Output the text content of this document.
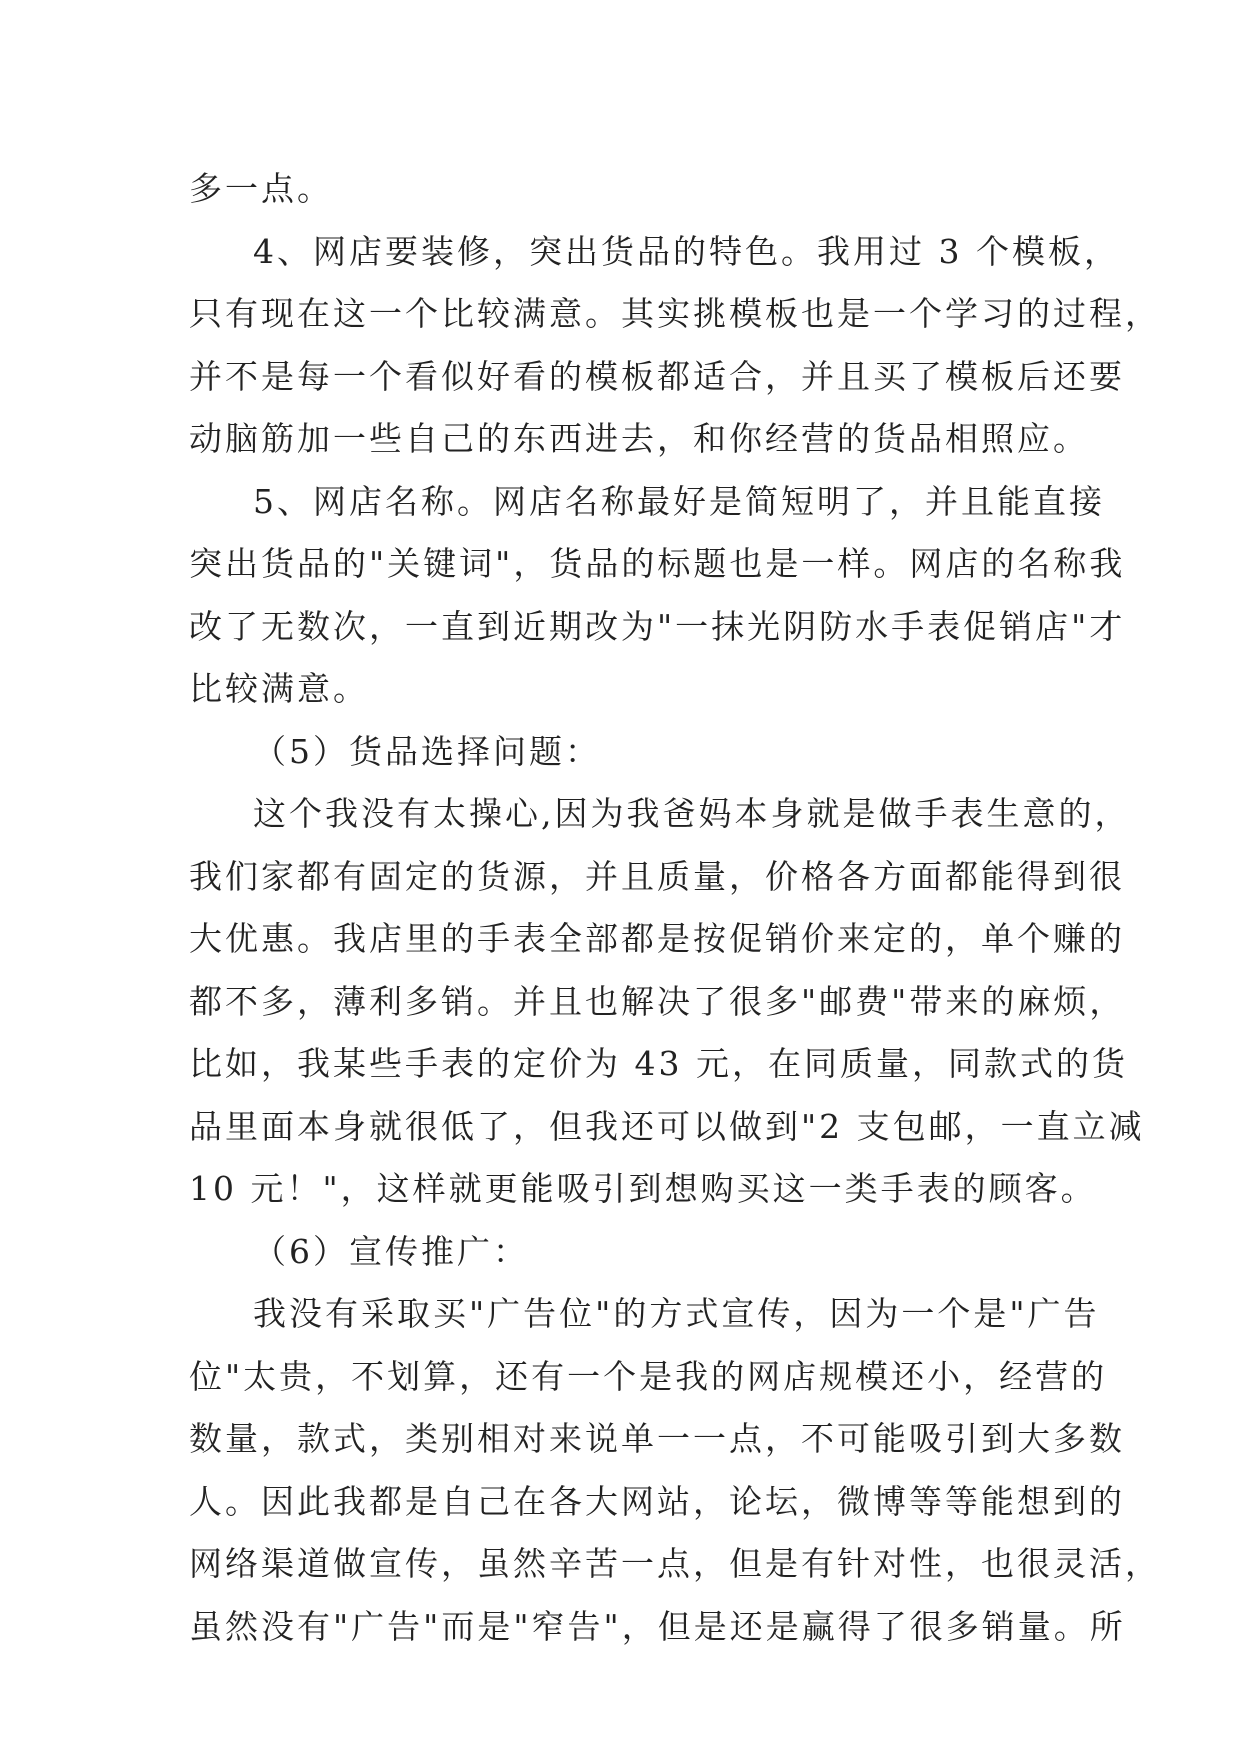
多一点。
4、网店要装修，突出货品的特色。我用过 3 个模板，
只有现在这一个比较满意。其实挑模板也是一个学习的过程，
并不是每一个看似好看的模板都适合，并且买了模板后还要
动脑筋加一些自己的东西进去，和你经营的货品相照应。
5、网店名称。网店名称最好是简短明了，并且能直接
突出货品的"关键词"，货品的标题也是一样。网店的名称我
改了无数次，一直到近期改为"一抹光阴防水手表促销店"才
比较满意。
（5）货品选择问题：
这个我没有太操心,因为我爸妈本身就是做手表生意的，
我们家都有固定的货源，并且质量，价格各方面都能得到很
大优惠。我店里的手表全部都是按促销价来定的，单个赚的
都不多，薄利多销。并且也解决了很多"邮费"带来的麻烦，
比如，我某些手表的定价为 43 元，在同质量，同款式的货
品里面本身就很低了，但我还可以做到"2 支包邮，一直立减
10 元！"，这样就更能吸引到想购买这一类手表的顾客。
（6）宣传推广：
我没有采取买"广告位"的方式宣传，因为一个是"广告
位"太贵，不划算，还有一个是我的网店规模还小，经营的
数量，款式，类别相对来说单一一点，不可能吸引到大多数
人。因此我都是自己在各大网站，论坛，微博等等能想到的
网络渠道做宣传，虽然辛苦一点，但是有针对性，也很灵活，
虽然没有"广告"而是"窄告"，但是还是赢得了很多销量。所
